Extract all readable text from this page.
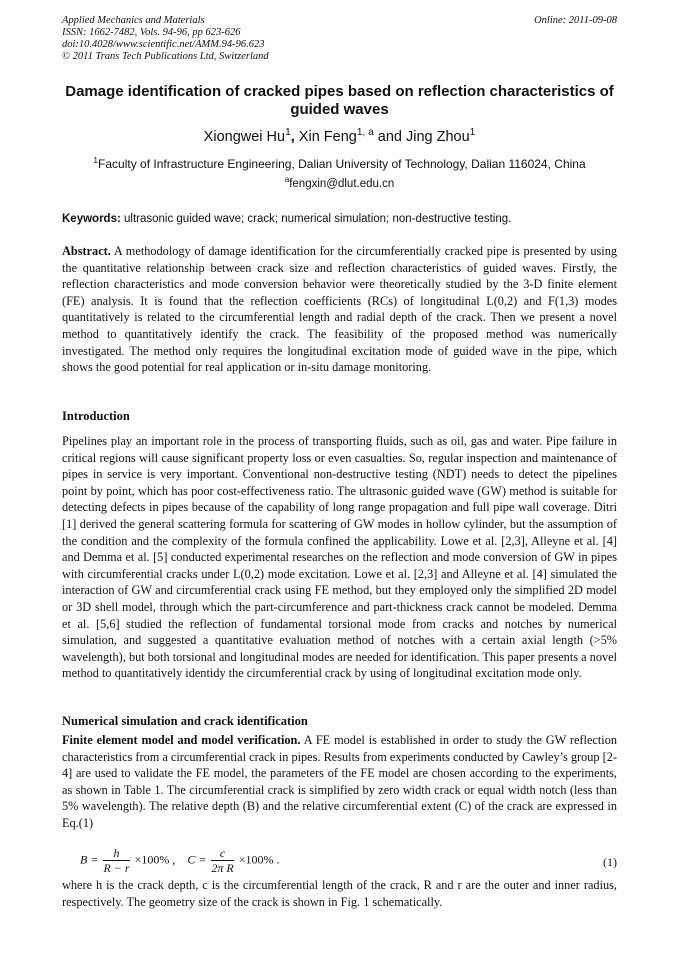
Applied Mechanics and Materials
ISSN: 1662-7482, Vols. 94-96, pp 623-626
doi:10.4028/www.scientific.net/AMM.94-96.623
© 2011 Trans Tech Publications Ltd, Switzerland
Online: 2011-09-08
Damage identification of cracked pipes based on reflection characteristics of guided waves
Xiongwei Hu$^1$, Xin Feng$^{1, a}$ and Jing Zhou$^1$
$^1$Faculty of Infrastructure Engineering, Dalian University of Technology, Dalian 116024, China
$^a$fengxin@dlut.edu.cn
Keywords: ultrasonic guided wave; crack; numerical simulation; non-destructive testing.
Abstract. A methodology of damage identification for the circumferentially cracked pipe is presented by using the quantitative relationship between crack size and reflection characteristics of guided waves. Firstly, the reflection characteristics and mode conversion behavior were theoretically studied by the 3-D finite element (FE) analysis. It is found that the reflection coefficients (RCs) of longitudinal L(0,2) and F(1,3) modes quantitatively is related to the circumferential length and radial depth of the crack. Then we present a novel method to quantitatively identify the crack. The feasibility of the proposed method was numerically investigated. The method only requires the longitudinal excitation mode of guided wave in the pipe, which shows the good potential for real application or in-situ damage monitoring.
Introduction
Pipelines play an important role in the process of transporting fluids, such as oil, gas and water. Pipe failure in critical regions will cause significant property loss or even casualties. So, regular inspection and maintenance of pipes in service is very important. Conventional non-destructive testing (NDT) needs to detect the pipelines point by point, which has poor cost-effectiveness ratio. The ultrasonic guided wave (GW) method is suitable for detecting defects in pipes because of the capability of long range propagation and full pipe wall coverage. Ditri [1] derived the general scattering formula for scattering of GW modes in hollow cylinder, but the assumption of the condition and the complexity of the formula confined the applicability. Lowe et al. [2,3], Alleyne et al. [4] and Demma et al. [5] conducted experimental researches on the reflection and mode conversion of GW in pipes with circumferential cracks under L(0,2) mode excitation. Lowe et al. [2,3] and Alleyne et al. [4] simulated the interaction of GW and circumferential crack using FE method, but they employed only the simplified 2D model or 3D shell model, through which the part-circumference and part-thickness crack cannot be modeled. Demma et al. [5,6] studied the reflection of fundamental torsional mode from cracks and notches by numerical simulation, and suggested a quantitative evaluation method of notches with a certain axial length (>5% wavelength), but both torsional and longitudinal modes are needed for identification. This paper presents a novel method to quantitatively identidy the circumferential crack by using of longitudinal excitation mode only.
Numerical simulation and crack identification
Finite element model and model verification. A FE model is established in order to study the GW reflection characteristics from a circumferential crack in pipes. Results from experiments conducted by Cawley’s group [2-4] are used to validate the FE model, the parameters of the FE model are chosen according to the experiments, as shown in Table 1. The circumferential crack is simplified by zero width crack or equal width notch (less than 5% wavelength). The relative depth (B) and the relative circumferential extent (C) of the crack are expressed in Eq.(1)
$B = \frac{h}{R - r} \times 100\%$ , $C = \frac{c}{\text{2π R}} \times 100\%$ .	(1)
where h is the crack depth, c is the circumferential length of the crack, R and r are the outer and inner radius, respectively. The geometry size of the crack is shown in Fig. 1 schematically.
